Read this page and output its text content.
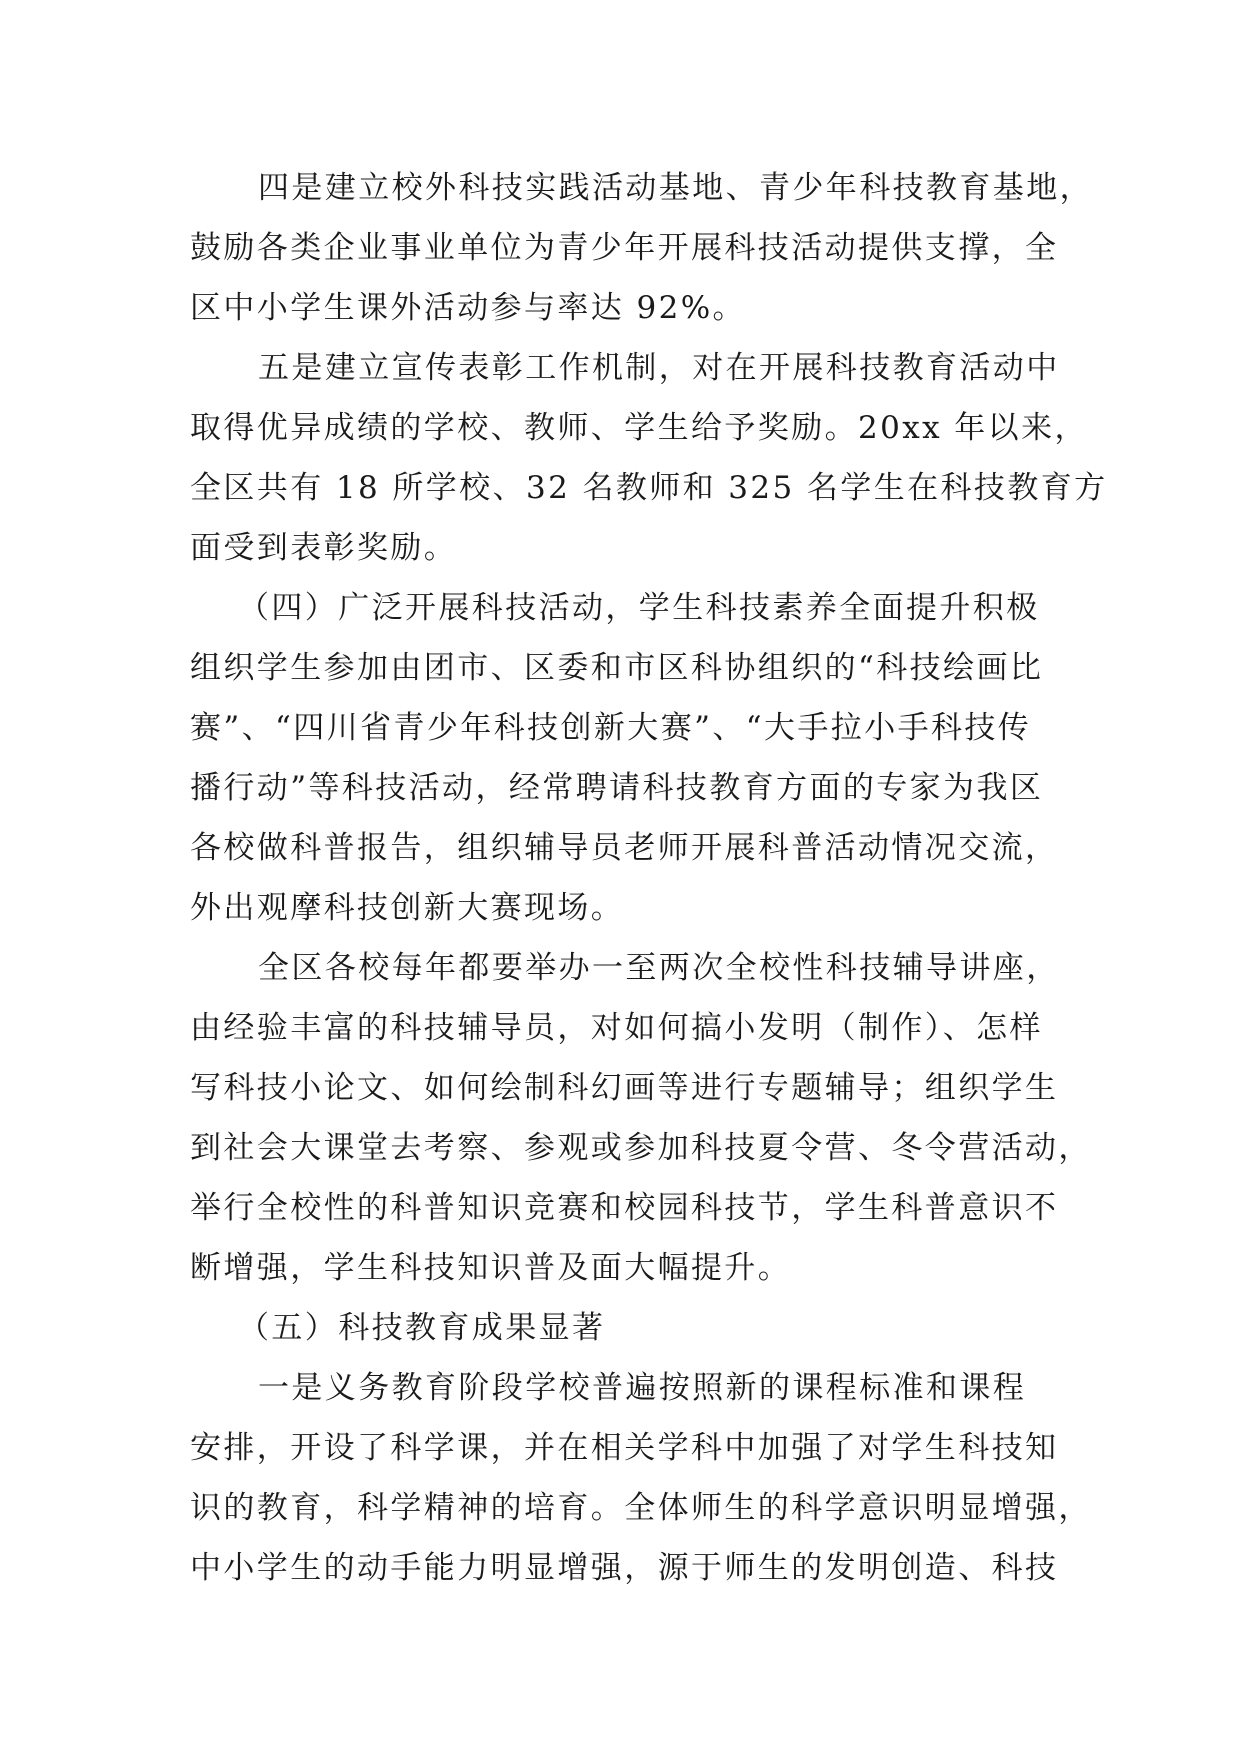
四是建立校外科技实践活动基地、青少年科技教育基地，
鼓励各类企业事业单位为青少年开展科技活动提供支撑，全
区中小学生课外活动参与率达 92%。
五是建立宣传表彰工作机制，对在开展科技教育活动中
取得优异成绩的学校、教师、学生给予奖励。20xx 年以来，
全区共有 18 所学校、32 名教师和 325 名学生在科技教育方
面受到表彰奖励。
（四）广泛开展科技活动，学生科技素养全面提升积极
组织学生参加由团市、区委和市区科协组织的“科技绘画比
赛”、“四川省青少年科技创新大赛”、“大手拉小手科技传
播行动”等科技活动，经常聘请科技教育方面的专家为我区
各校做科普报告，组织辅导员老师开展科普活动情况交流，
外出观摩科技创新大赛现场。
全区各校每年都要举办一至两次全校性科技辅导讲座，
由经验丰富的科技辅导员，对如何搞小发明（制作）、怎样
写科技小论文、如何绘制科幻画等进行专题辅导；组织学生
到社会大课堂去考察、参观或参加科技夏令营、冬令营活动，
举行全校性的科普知识竞赛和校园科技节，学生科普意识不
断增强，学生科技知识普及面大幅提升。
（五）科技教育成果显著
一是义务教育阶段学校普遍按照新的课程标准和课程
安排，开设了科学课，并在相关学科中加强了对学生科技知
识的教育，科学精神的培育。全体师生的科学意识明显增强，
中小学生的动手能力明显增强，源于师生的发明创造、科技
